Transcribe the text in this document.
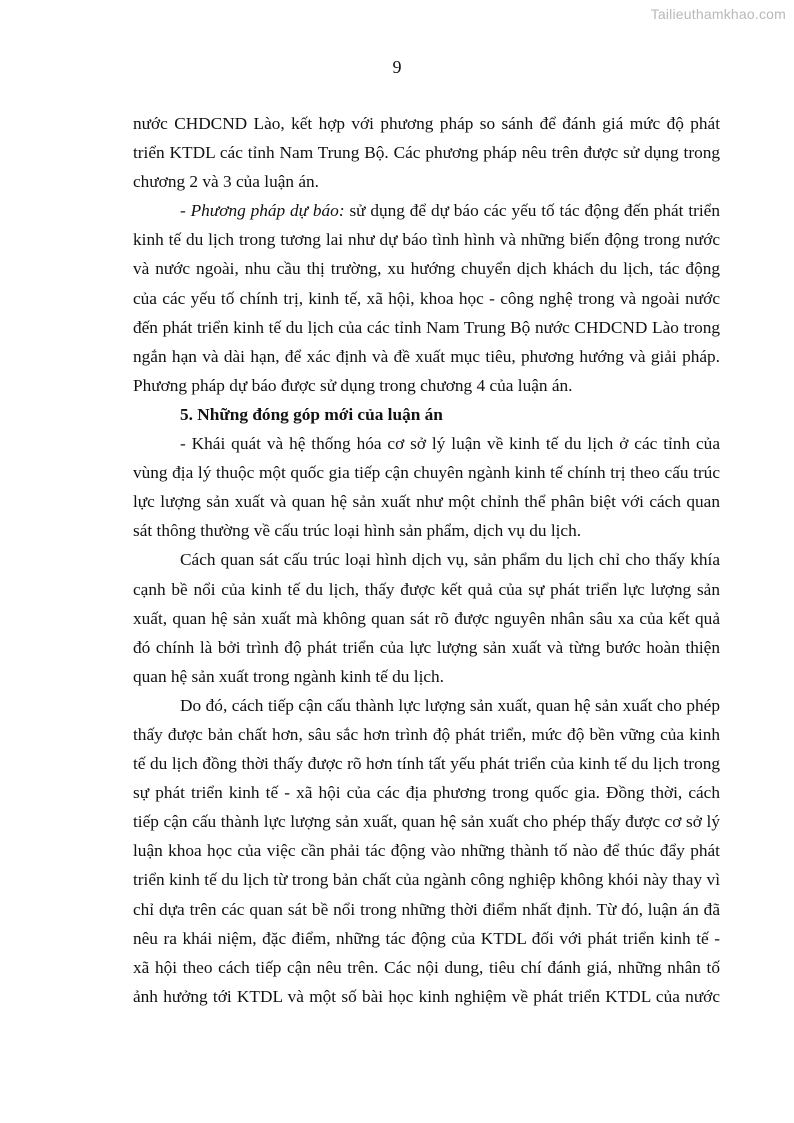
Tailieuthamkhao.com
9
nước CHDCND Lào, kết hợp với phương pháp so sánh để đánh giá mức độ phát
triển KTDL các tỉnh Nam Trung Bộ. Các phương pháp nêu trên được sử dụng trong
chương 2 và 3 của luận án.
- Phương pháp dự báo: sử dụng để dự báo các yếu tố tác động đến phát triển
kinh tế du lịch trong tương lai như dự báo tình hình và những biến động trong nước
và nước ngoài, nhu cầu thị trường, xu hướng chuyển dịch khách du lịch, tác động
của các yếu tố chính trị, kinh tế, xã hội, khoa học - công nghệ trong và ngoài nước
đến phát triển kinh tế du lịch của các tỉnh Nam Trung Bộ nước CHDCND Lào trong
ngắn hạn và dài hạn, để xác định và đề xuất mục tiêu, phương hướng và giải pháp.
Phương pháp dự báo được sử dụng trong chương 4 của luận án.
5. Những đóng góp mới của luận án
- Khái quát và hệ thống hóa cơ sở lý luận về kinh tế du lịch ở các tỉnh của
vùng địa lý thuộc một quốc gia tiếp cận chuyên ngành kinh tế chính trị theo cấu trúc
lực lượng sản xuất và quan hệ sản xuất như một chỉnh thể phân biệt với cách quan
sát thông thường về cấu trúc loại hình sản phẩm, dịch vụ du lịch.
Cách quan sát cấu trúc loại hình dịch vụ, sản phẩm du lịch chỉ cho thấy khía
cạnh bề nổi của kinh tế du lịch, thấy được kết quả của sự phát triển lực lượng sản
xuất, quan hệ sản xuất mà không quan sát rõ được nguyên nhân sâu xa của kết quả
đó chính là bởi trình độ phát triển của lực lượng sản xuất và từng bước hoàn thiện
quan hệ sản xuất trong ngành kinh tế du lịch.
Do đó, cách tiếp cận cấu thành lực lượng sản xuất, quan hệ sản xuất cho phép
thấy được bản chất hơn, sâu sắc hơn trình độ phát triển, mức độ bền vững của kinh
tế du lịch đồng thời thấy được rõ hơn tính tất yếu phát triển của kinh tế du lịch trong
sự phát triển kinh tế - xã hội của các địa phương trong quốc gia. Đồng thời, cách
tiếp cận cấu thành lực lượng sản xuất, quan hệ sản xuất cho phép thấy được cơ sở lý
luận khoa học của việc cần phải tác động vào những thành tố nào để thúc đẩy phát
triển kinh tế du lịch từ trong bản chất của ngành công nghiệp không khói này thay vì
chỉ dựa trên các quan sát bề nổi trong những thời điểm nhất định. Từ đó, luận án đã
nêu ra khái niệm, đặc điểm, những tác động của KTDL đối với phát triển kinh tế -
xã hội theo cách tiếp cận nêu trên. Các nội dung, tiêu chí đánh giá, những nhân tố
ảnh hưởng tới KTDL và một số bài học kinh nghiệm về phát triển KTDL của nước
